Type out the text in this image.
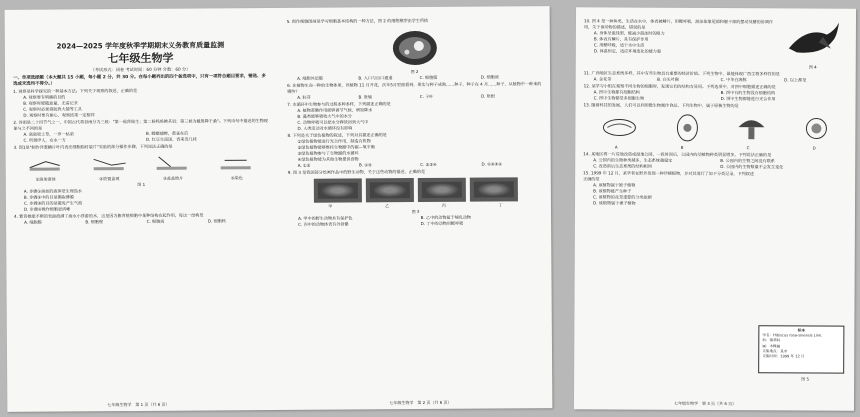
2024—2025 学年度秋季学期期末义务教育质量监测
七年级生物学
（考试形式：闭卷 考试时间：60 分钟 分数：60 分）
一、单项选择题（本大题共 15 小题，每小题 2 分，共 30 分。在每小题列出的四个备选项中，只有一项符合题目要求，错选、多选或未选均不得分。）
1. 观察是科学探究的一种基本方法。下列关于观察的叙述，正确的是
A. 观察要有明确的目的
B. 观察时能随意量，无需记录
C. 观察时必须借助放大镜等工具
D. 观察时要有耐心，观察结果一定相同
2. 谷雨是二十四节气之一，中国古代将谷雨分为三候："第一候萍始生；第二候鸣鸠拂其羽；第三候为戴胜降于桑"。下列诗句中描述的生物现象与之不同的是
A. 离离原上草，一岁一枯荣	B. 螳螂捕蝉，黄雀在后
C. 所谓伊人，在水一方	D. 红豆生南国，春来发几枝
3. 图1是"制作洋葱鳞片叶内表皮细胞临时装片"实验的部分操作步骤，下列说法正确的是
①滴加液体	②放置盖玻	③盖盖玻片	④染色
图 1
A. 步骤①滴加的液体是生理盐水
B. 步骤②中的目是撕取薄膜
C. 步骤③的目的是避免产生气泡
D. 步骤④操作细胞更清晰
4. 紫背桃能不断的表面流满了海水小浮游的水，这是因为紫背桃细胞中某种结构在起作用，每这一结构是
A. 细胞膜	B. 细胞壁	C. 细胞质	D. 细胞核
七年级生物学　第 1 页（共 6 页）
5. 创作细胞图画是学习细胞基本结构的一种方法，图 2 的细胞模型由学生所搭
图 2
A. 细胞外层膜	B. 入口与出口通道	C. 细胞膜	D. 细胞质
6. 在植物生命一种的生物体里，该植物 11 月开花，次年5月里面看到，果实与种子成熟……种子，种子在 4 月……种子，从植物中一种来的哪些？
A. 胚芽	B. 胚轴	C. 子叶	D. 胚根
7. 水循环中生物参与的过程多种多样，下列描述正确的是
A. 植物蒸腾作用能够调节气候，增加降水
B. 藻类能够吸收大气中的水分
C. 动物呼吸可以把水分释放回到大气中
D. 人类活动对水循环没有影响
8. 下列是关于绿色植物的叙述，下列对其描述正确的是
①绿色植物能进行光合作用，制造有机物
②绿色植物能够维持生物圈中的碳—氧平衡
③绿色植物参与了生物圈的水循环
④绿色植物能为其他生物提供食物
A. ①②	B. ①③	C. ②③④	D. ①②③④
9. 图 3 是我国部分绘画作品中的野生动物，关于这些动物的描述，正确的是
甲	乙	丙	丁
图 3
A. 甲中的野生动物具有保护色	B. 乙中的动物属于哺乳动物
C. 丙中的动物体表有外骨骼	D. 丁中的动物用鳃呼吸
七年级生物学　第 2 页（共 6 页）
10. 图 4 是一种鱼类，生活在水中，体表被鳞片，用鳃呼吸，游泳依靠尾部和躯干部的摆动及鳍的协调作用，关于该动物的描述，错误的是
A. 身体呈流线型，能减少游泳时的阻力
B. 体表有鳞片，具有保护作用
C. 用鳃呼吸，适于水中生活
D. 体温恒定，适应环境变化的能力强
图 4
11. 广西地区生态系统多样，其中有些生物具有重要的经济价值。下列生物中，最能体现广西生物多样性的是
A. 金花茶	B. 白头叶猴	C. 中华白海豚	D. 以上都是
12. 某学习小组在观察不同生物的细胞时，发现它们的结构有异同。下列选项中，对图中细胞描述正确的是
A. 图中生物都有细胞结构	B. 图中有的生物没有细胞结构
C. 图中生物都是多细胞生物	D. 图中生物都能进行光合作用
13. 随着科技的发展，人们可以利用微生物制作食品。下列生物中，属于原核生物的是
A	B	C	D
14. 某地区将一片荒地改造成湿地公园，一段时间后，公园内的动植物种类明显增多。下列说法正确的是
A. 公园内的生物种类越多，生态系统越稳定	B. 公园内的生物之间没有联系
C. 改造前后生态系统的结构相同	D. 公园内的生物数量不会发生变化
15. 1999 年 12 月，某学者在野外发现一种珍稀植物，并对其进行了如下分类记录，下列叙述正确的是
A. 该植物属于被子植物
B. 该植物能产生种子
C. 该植物的花是重要的分类依据
D. 该植物属于裸子植物
标本
学名：Hibiscus rosa-sinensis Linn.
科：锦葵科
属：木槿属
采集地点：某市
采集时间：1999 年 12 月
图 5
七年级生物学　第 3 页（共 6 页）
